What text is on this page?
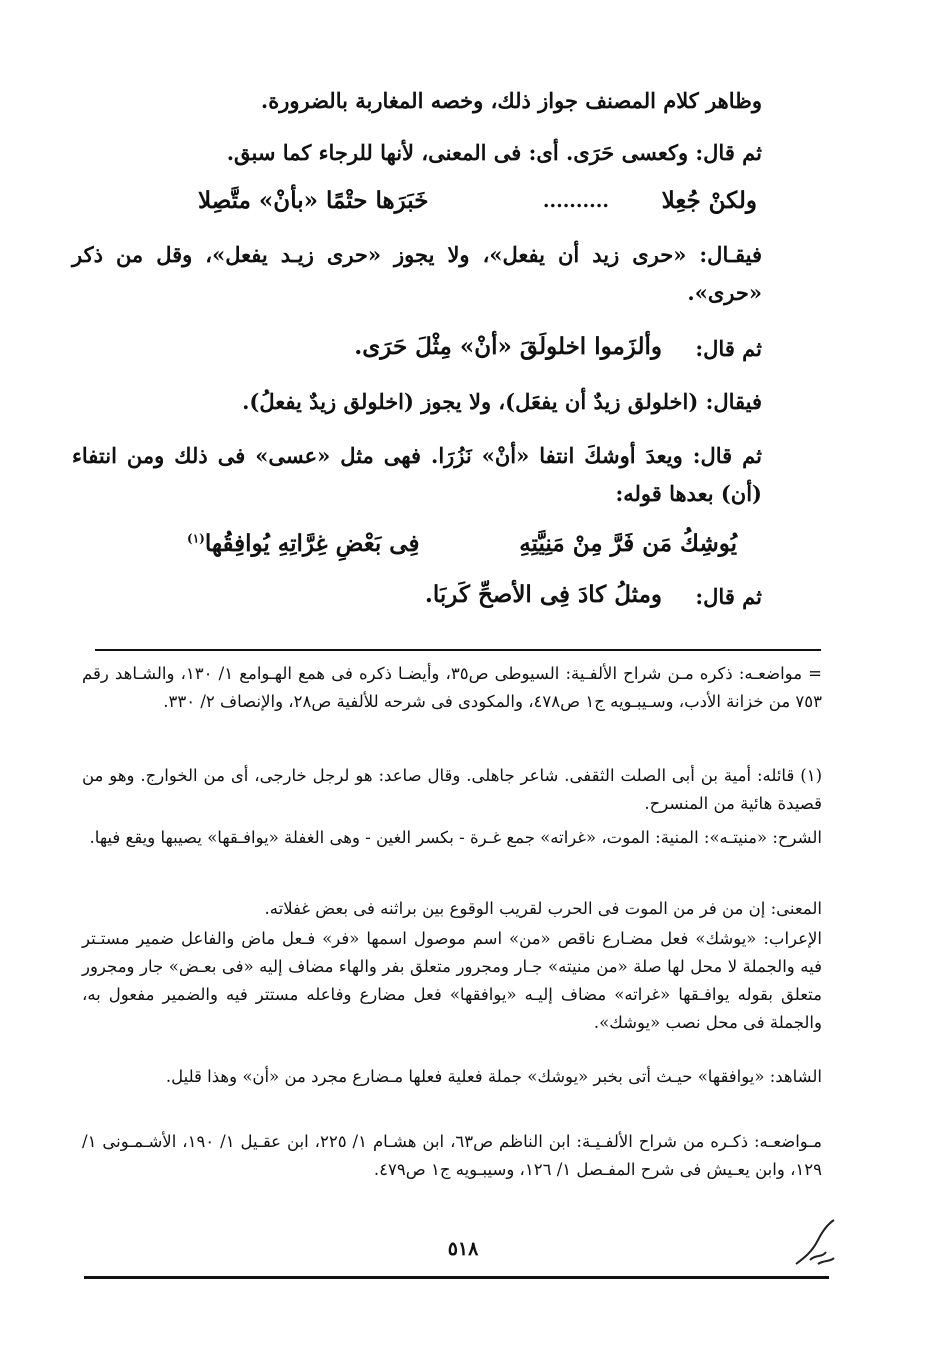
وظاهر كلام المصنف جواز ذلك، وخصه المغاربة بالضرورة.
ثم قال: وكعسى حَرَى. أى: فى المعنى، لأنها للرجاء كما سبق.
ولكنْ جُعِلا
..........
خَبَرَها حتْمًا «بأنْ» متَّصِلا
فيقـال: «حرى زيد أن يفعل»، ولا يجوز «حرى زيـد يفعل»، وقل من ذكر «حرى».
ثم قال:
وألزَموا اخلولَقَ «أنْ» مِثْلَ حَرَى.
فيقال: (اخلولق زيدٌ أن يفعَل)، ولا يجوز (اخلولق زيدٌ يفعلُ).
ثم قال: ويعدَ أوشكَ انتفا «أنْ» نَزُرَا. فهى مثل «عسى» فى ذلك ومن انتفاء (أن) بعدها قوله:
يُوشِكُ مَن فَرَّ مِنْ مَنِيَّتِهِ
فِى بَعْضِ غِرَّاتِهِ يُوافِقُها$^{(١)}$
ثم قال:
ومثلُ كادَ فِى الأصحِّ كَربَا.
= مواضعـه: ذكره مـن شراح الألفـية: السيوطى ص٣٥، وأيضـا ذكره فى همع الهـوامع ١/ ١٣٠، والشـاهد رقم ٧٥٣ من خزانة الأدب، وسـيبـويه ج١ ص٤٧٨، والمكودى فى شرحه للألفية ص٢٨، والإنصاف ٢/ ٣٣٠.
(١) قائله: أمية بن أبى الصلت الثقفى. شاعر جاهلى. وقال صاعد: هو لرجل خارجى، أى من الخوارج. وهو من قصيدة هائية من المنسرح.
الشرح: «منيتـه»: المنية: الموت، «غراته» جمع غـرة - بكسر الغين - وهى الغفلة «يوافـقها» يصيبها ويقع فيها.
المعنى: إن من فر من الموت فى الحرب لقريب الوقوع بين براثنه فى بعض غفلاته.
الإعراب: «يوشك» فعل مضـارع ناقص «من» اسم موصول اسمها «فر» فـعل ماض والفاعل ضمير مستـتر فيه والجملة لا محل لها صلة «من منيته» جـار ومجرور متعلق بفر والهاء مضاف إليه «فى بعـض» جار ومجرور متعلق بقوله يوافـقها «غراته» مضاف إليـه «يوافقها» فعل مضارع وفاعله مستتر فيه والضمير مفعول به، والجملة فى محل نصب «يوشك».
الشاهد: «يوافقها» حيـث أتى بخبر «يوشك» جملة فعلية فعلها مـضارع مجرد من «أن» وهذا قليل.
مـواضعـه: ذكـره من شراح الألفـيـة: ابن الناظم ص٦٣، ابن هشـام ١/ ٢٢٥، ابن عقـيل ١/ ١٩٠، الأشـمـونى ١/ ١٢٩، وابن يعـيش فى شرح المفـصل ١/ ١٢٦، وسيبـويه ج١ ص٤٧٩.
٥١٨
